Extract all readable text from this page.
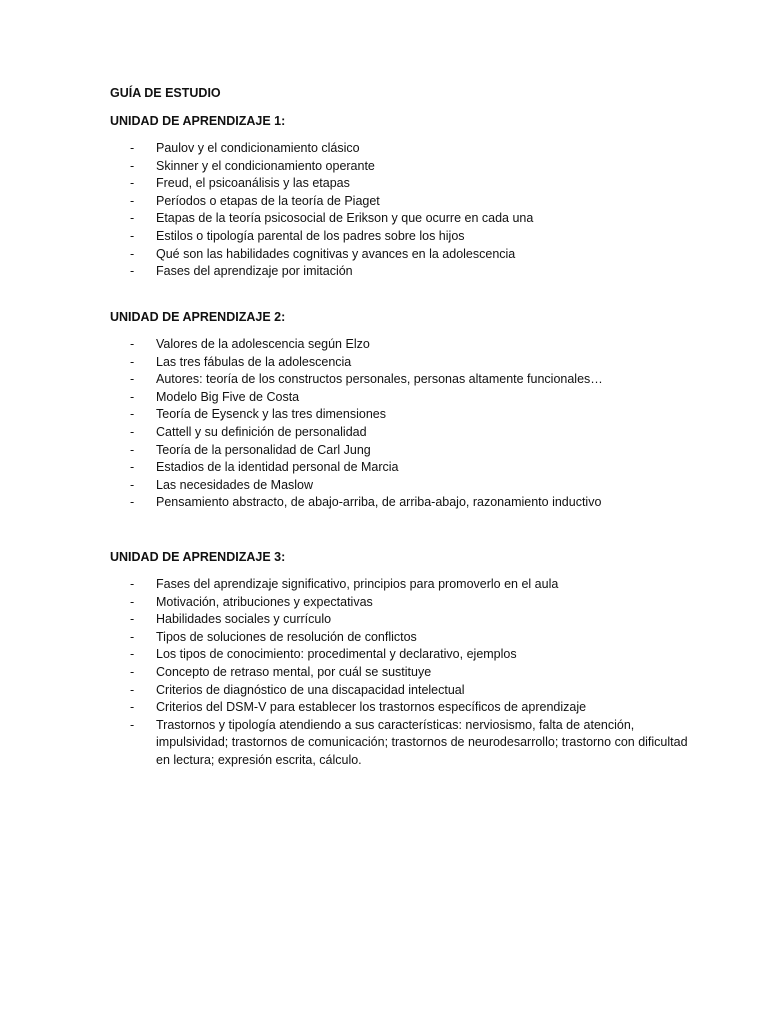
GUÍA DE ESTUDIO
UNIDAD DE APRENDIZAJE 1:
- Paulov y el condicionamiento clásico
- Skinner y el condicionamiento operante
- Freud, el psicoanálisis y las etapas
- Períodos o etapas de la teoría de Piaget
- Etapas de la teoría psicosocial de Erikson y que ocurre en cada una
- Estilos o tipología parental de los padres sobre los hijos
- Qué son las habilidades cognitivas y avances en la adolescencia
- Fases del aprendizaje por imitación
UNIDAD DE APRENDIZAJE 2:
- Valores de la adolescencia según Elzo
- Las tres fábulas de la adolescencia
- Autores: teoría de los constructos personales, personas altamente funcionales…
- Modelo Big Five de Costa
- Teoría de Eysenck y las tres dimensiones
- Cattell y su definición de personalidad
- Teoría de la personalidad de Carl Jung
- Estadios de la identidad personal de Marcia
- Las necesidades de Maslow
- Pensamiento abstracto, de abajo-arriba, de arriba-abajo, razonamiento inductivo
UNIDAD DE APRENDIZAJE 3:
- Fases del aprendizaje significativo, principios para promoverlo en el aula
- Motivación, atribuciones y expectativas
- Habilidades sociales y currículo
- Tipos de soluciones de resolución de conflictos
- Los tipos de conocimiento: procedimental y declarativo, ejemplos
- Concepto de retraso mental, por cuál se sustituye
- Criterios de diagnóstico de una discapacidad intelectual
- Criterios del DSM-V para establecer los trastornos específicos de aprendizaje
- Trastornos y tipología atendiendo a sus características: nerviosismo, falta de atención, impulsividad; trastornos de comunicación; trastornos de neurodesarrollo; trastorno con dificultad en lectura; expresión escrita, cálculo.
